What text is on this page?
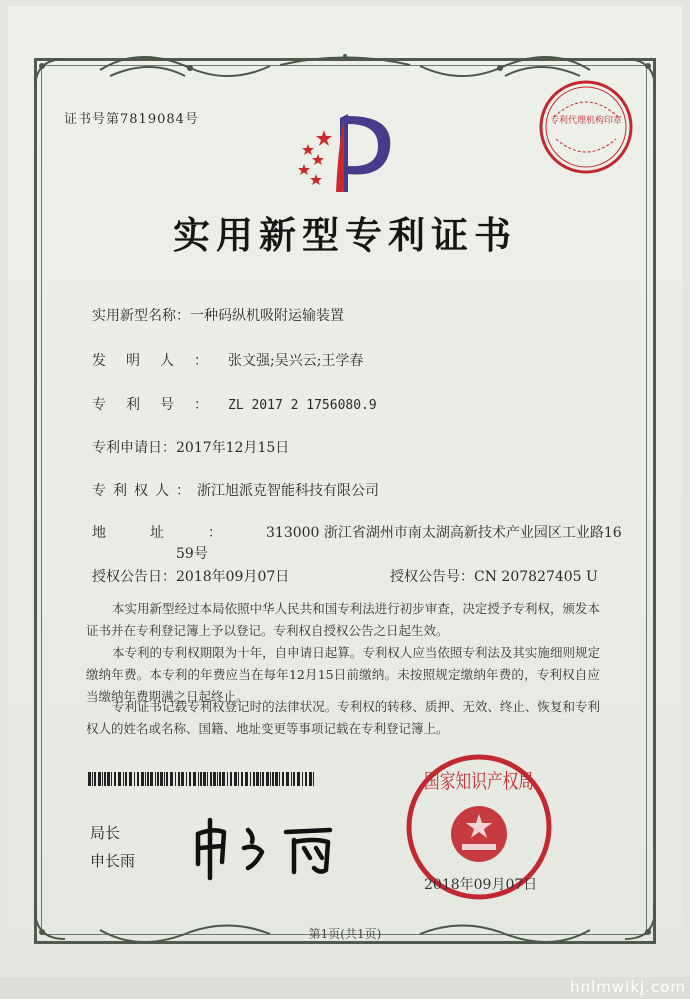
证书号第7819084号	专利代理机构印章
实用新型专利证书
实用新型名称：一种码纵机吸附运输装置
发明人：张文强;吴兴云;王学春
专利号：ZL 2017 2 1756080.9
专利申请日：2017年12月15日
专利权人：浙江旭派克智能科技有限公司
地址：313000 浙江省湖州市南太湖高新技术产业园区工业路16
59号
授权公告日：2018年09月07日	授权公告号：CN 207827405 U
本实用新型经过本局依照中华人民共和国专利法进行初步审查，决定授予专利权，颁发本证书并在专利登记簿上予以登记。专利权自授权公告之日起生效。
本专利的专利权期限为十年，自申请日起算。专利权人应当依照专利法及其实施细则规定缴纳年费。本专利的年费应当在每年12月15日前缴纳。未按照规定缴纳年费的，专利权自应当缴纳年费期满之日起终止。
专利证书记载专利权登记时的法律状况。专利权的转移、质押、无效、终止、恢复和专利权人的姓名或名称、国籍、地址变更等事项记载在专利登记簿上。
局长
申长雨
国家知识产权局
2018年09月07日
第1页(共1页)
hnlmwlkj.com
